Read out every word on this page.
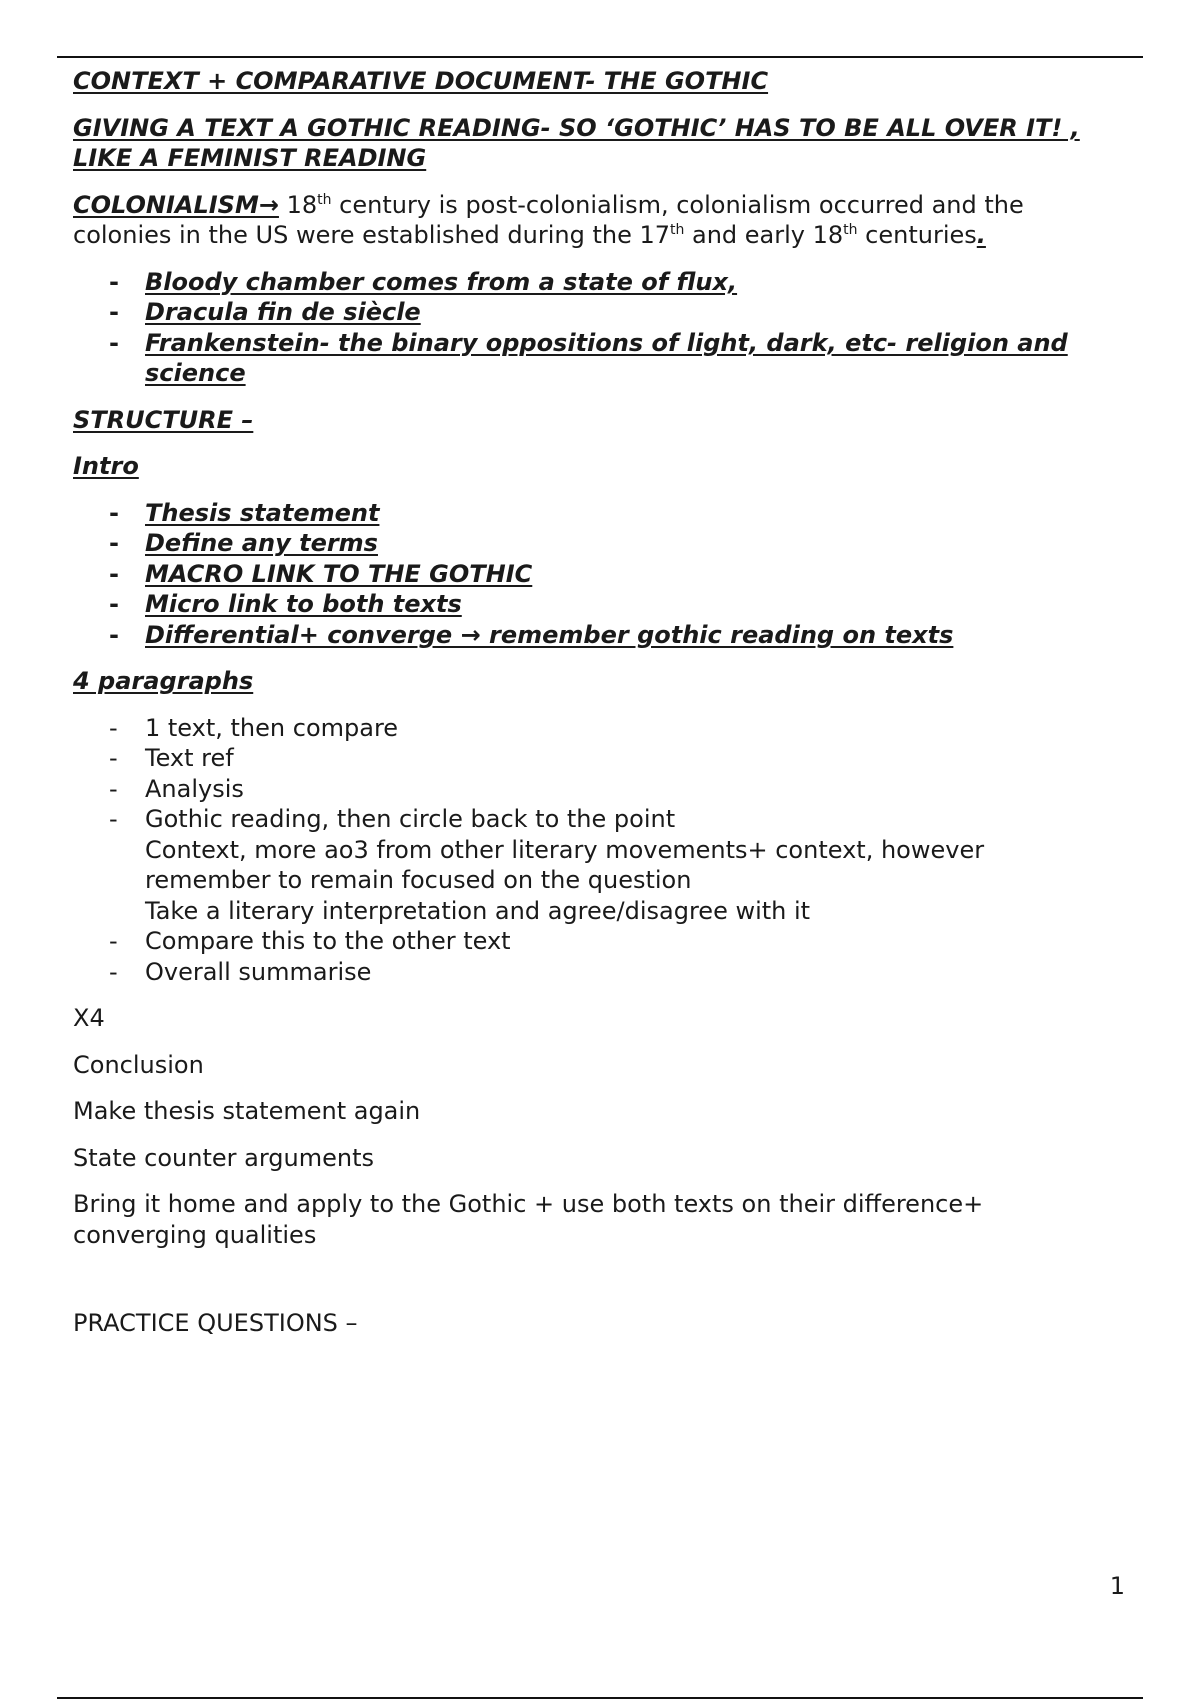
CONTEXT + COMPARATIVE DOCUMENT- THE GOTHIC

GIVING A TEXT A GOTHIC READING- SO ‘GOTHIC’ HAS TO BE ALL OVER IT! , LIKE A FEMINIST READING

COLONIALISM→ 18th century is post-colonialism, colonialism occurred and the colonies in the US were established during the 17th and early 18th centuries.

- Bloody chamber comes from a state of flux,
- Dracula fin de siècle
- Frankenstein- the binary oppositions of light, dark, etc- religion and science

STRUCTURE –

Intro

- Thesis statement
- Define any terms
- MACRO LINK TO THE GOTHIC
- Micro link to both texts
- Differential+ converge → remember gothic reading on texts

4 paragraphs

- 1 text, then compare
- Text ref
- Analysis
- Gothic reading, then circle back to the point
Context, more ao3 from other literary movements+ context, however remember to remain focused on the question
Take a literary interpretation and agree/disagree with it
- Compare this to the other text
- Overall summarise

X4

Conclusion

Make thesis statement again

State counter arguments

Bring it home and apply to the Gothic + use both texts on their difference+ converging qualities

PRACTICE QUESTIONS –

1
